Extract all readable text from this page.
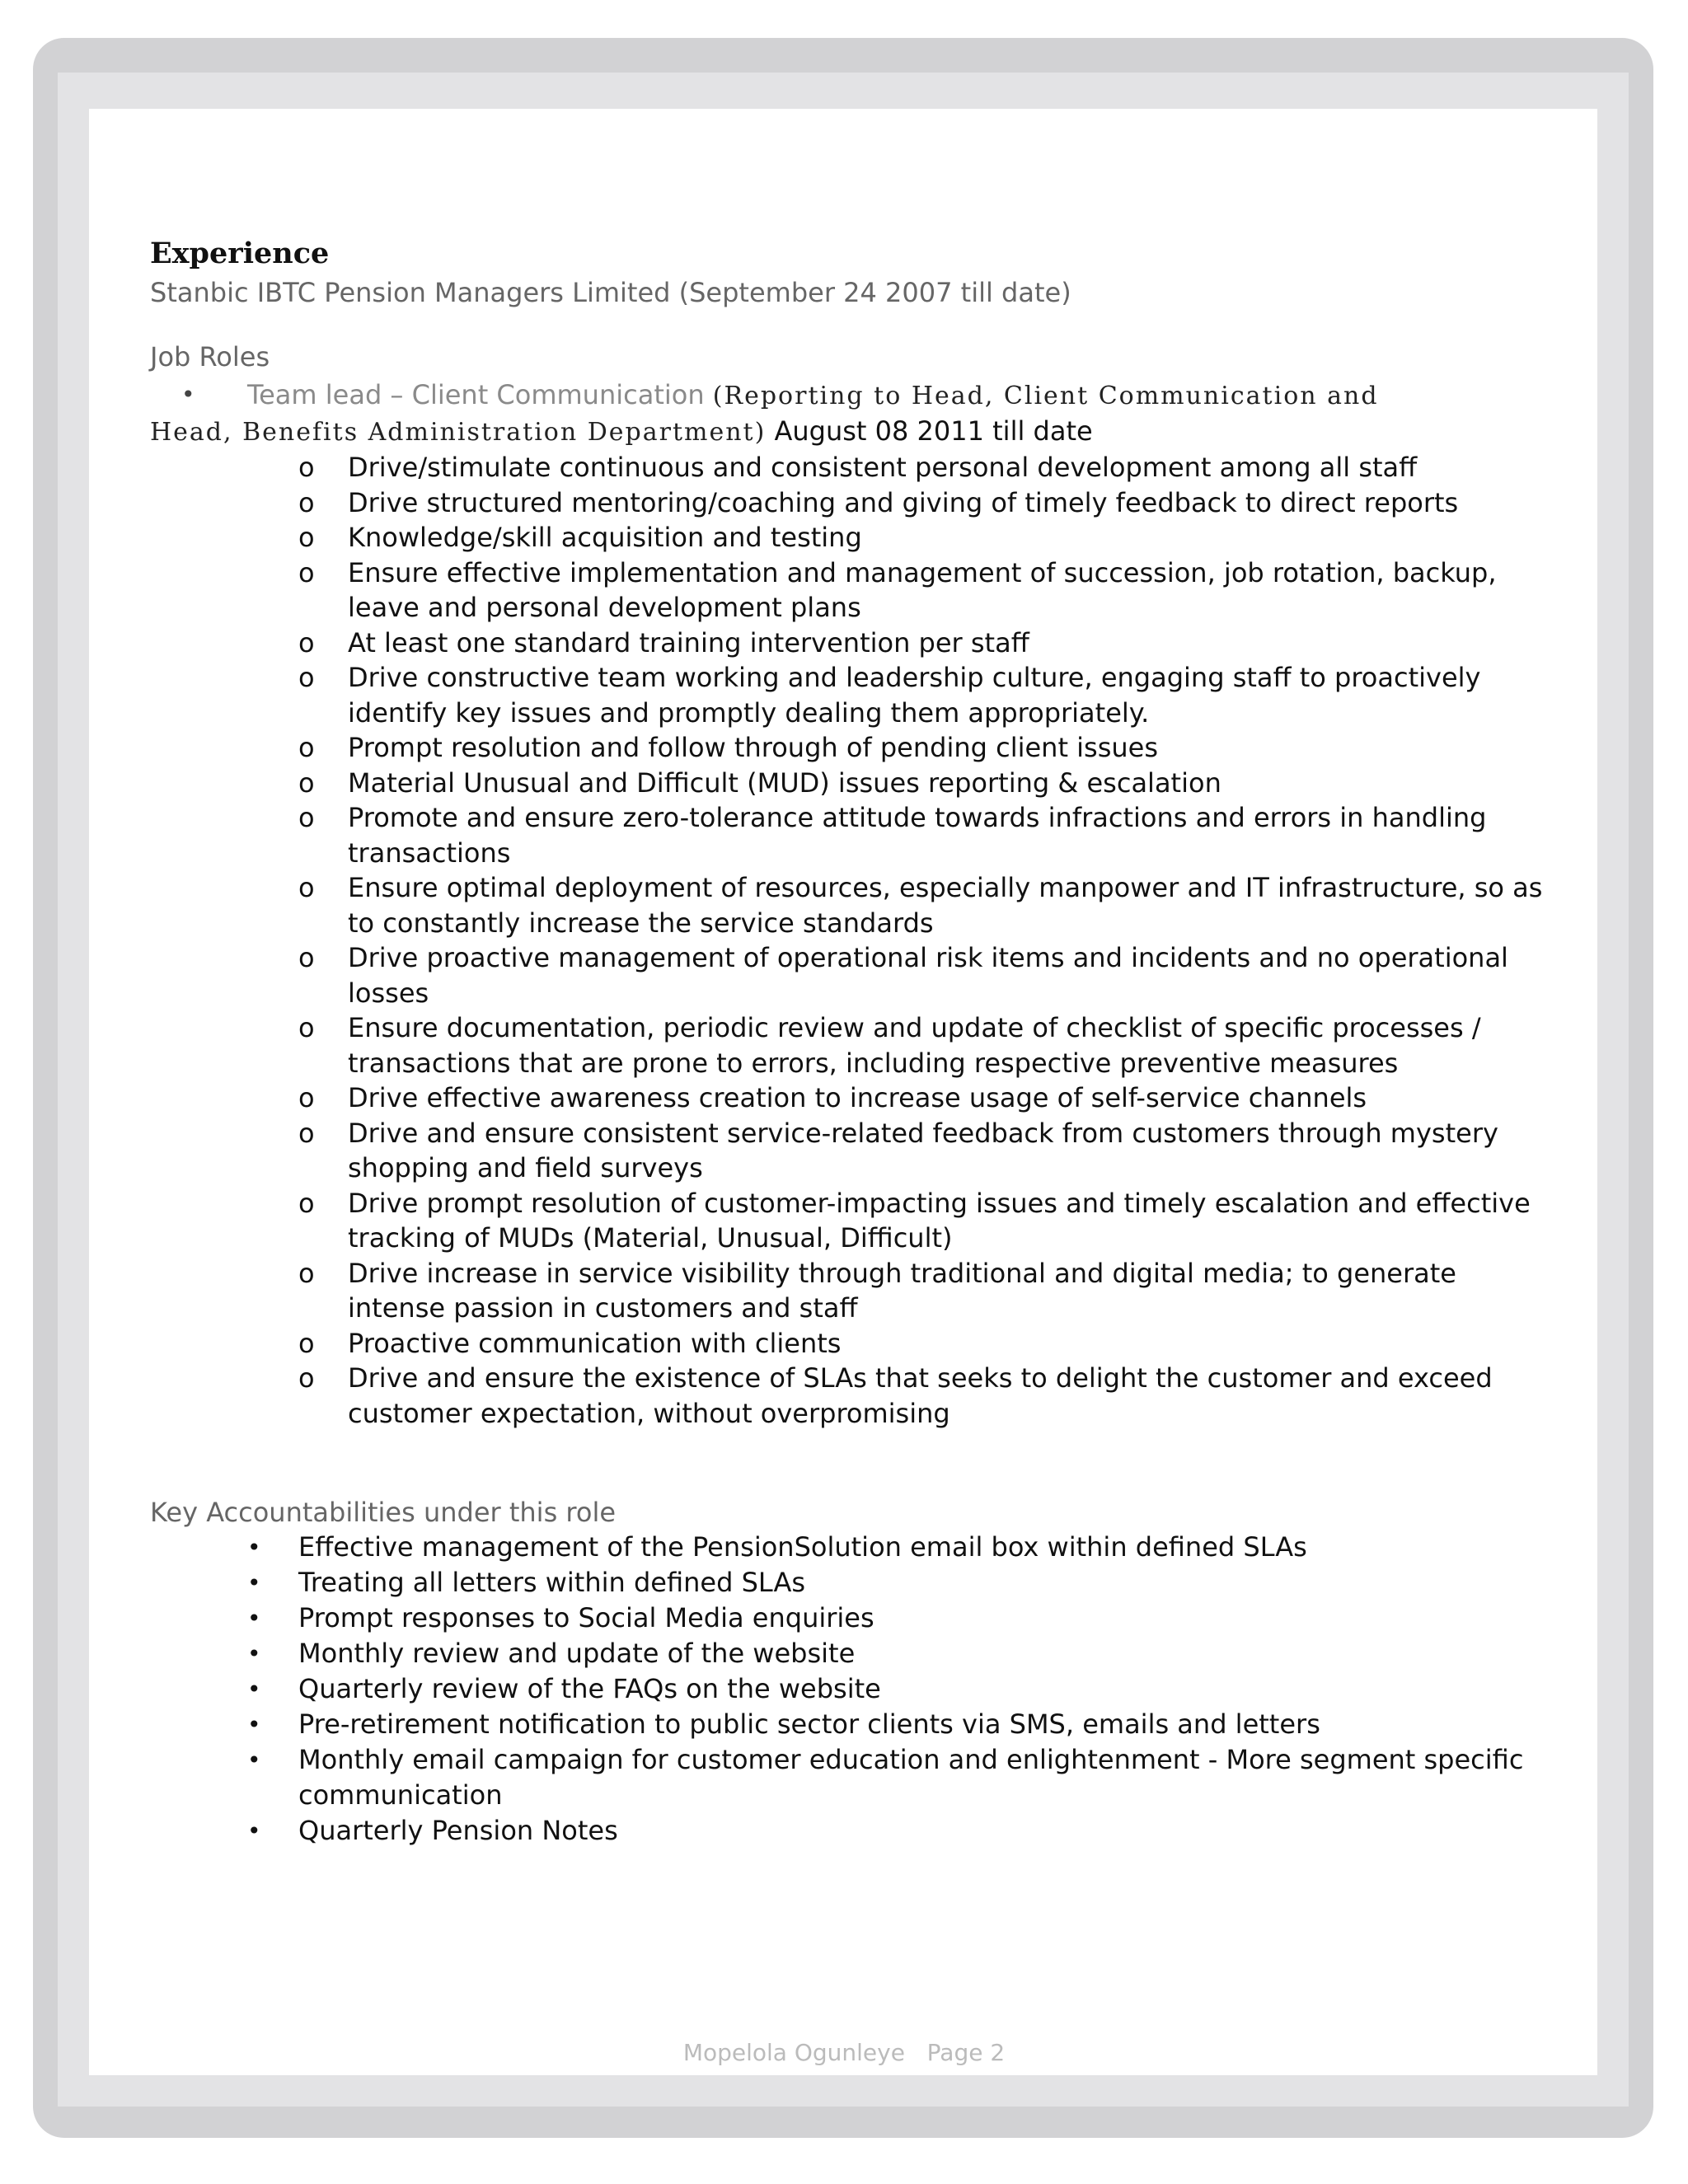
Experience
Stanbic IBTC Pension Managers Limited (September 24 2007 till date)
Job Roles
•	Team lead – Client Communication (Reporting to Head, Client Communication and
Head, Benefits Administration Department) August 08 2011 till date
o Drive/stimulate continuous and consistent personal development among all staff
o Drive structured mentoring/coaching and giving of timely feedback to direct reports
o Knowledge/skill acquisition and testing
o Ensure effective implementation and management of succession, job rotation, backup, leave and personal development plans
o At least one standard training intervention per staff
o Drive constructive team working and leadership culture, engaging staff to proactively identify key issues and promptly dealing them appropriately.
o Prompt resolution and follow through of pending client issues
o Material Unusual and Difficult (MUD) issues reporting & escalation
o Promote and ensure zero-tolerance attitude towards infractions and errors in handling transactions
o Ensure optimal deployment of resources, especially manpower and IT infrastructure, so as to constantly increase the service standards
o Drive proactive management of operational risk items and incidents and no operational losses
o Ensure documentation, periodic review and update of checklist of specific processes / transactions that are prone to errors, including respective preventive measures
o Drive effective awareness creation to increase usage of self-service channels
o Drive and ensure consistent service-related feedback from customers through mystery shopping and field surveys
o Drive prompt resolution of customer-impacting issues and timely escalation and effective tracking of MUDs (Material, Unusual, Difficult)
o Drive increase in service visibility through traditional and digital media; to generate intense passion in customers and staff
o Proactive communication with clients
o Drive and ensure the existence of SLAs that seeks to delight the customer and exceed customer expectation, without overpromising
Key Accountabilities under this role
• Effective management of the PensionSolution email box within defined SLAs
• Treating all letters within defined SLAs
• Prompt responses to Social Media enquiries
• Monthly review and update of the website
• Quarterly review of the FAQs on the website
• Pre-retirement notification to public sector clients via SMS, emails and letters
• Monthly email campaign for customer education and enlightenment - More segment specific communication
• Quarterly Pension Notes
Mopelola Ogunleye Page 2
